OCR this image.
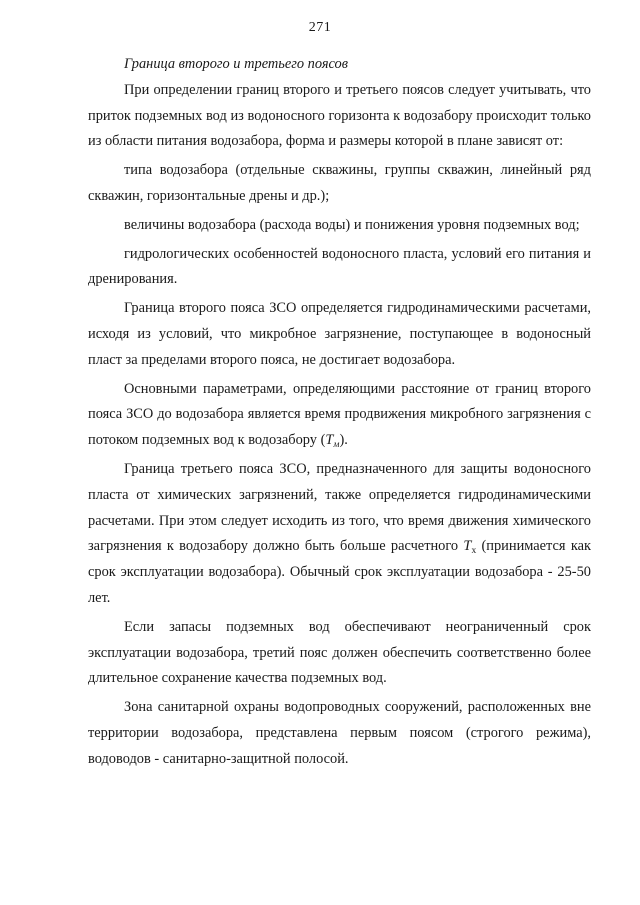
271

Граница второго и третьего поясов

При определении границ второго и третьего поясов следует учитывать, что приток подземных вод из водоносного горизонта к водозабору происходит только из области питания водозабора, форма и размеры которой в плане зависят от:

типа водозабора (отдельные скважины, группы скважин, линейный ряд скважин, горизонтальные дрены и др.);

величины водозабора (расхода воды) и понижения уровня подземных вод;

гидрологических особенностей водоносного пласта, условий его питания и дренирования.

Граница второго пояса ЗСО определяется гидродинамическими расчетами, исходя из условий, что микробное загрязнение, поступающее в водоносный пласт за пределами второго пояса, не достигает водозабора.

Основными параметрами, определяющими расстояние от границ второго пояса ЗСО до водозабора является время продвижения микробного загрязнения с потоком подземных вод к водозабору $(T_м)$.

Граница третьего пояса ЗСО, предназначенного для защиты водоносного пласта от химических загрязнений, также определяется гидродинамическими расчетами. При этом следует исходить из того, что время движения химического загрязнения к водозабору должно быть больше расчетного $T_х$ (принимается как срок эксплуатации водозабора). Обычный срок эксплуатации водозабора - 25-50 лет.

Если запасы подземных вод обеспечивают неограниченный срок эксплуатации водозабора, третий пояс должен обеспечить соответственно более длительное сохранение качества подземных вод.

Зона санитарной охраны водопроводных сооружений, расположенных вне территории водозабора, представлена первым поясом (строгого режима), водоводов - санитарно-защитной полосой.
